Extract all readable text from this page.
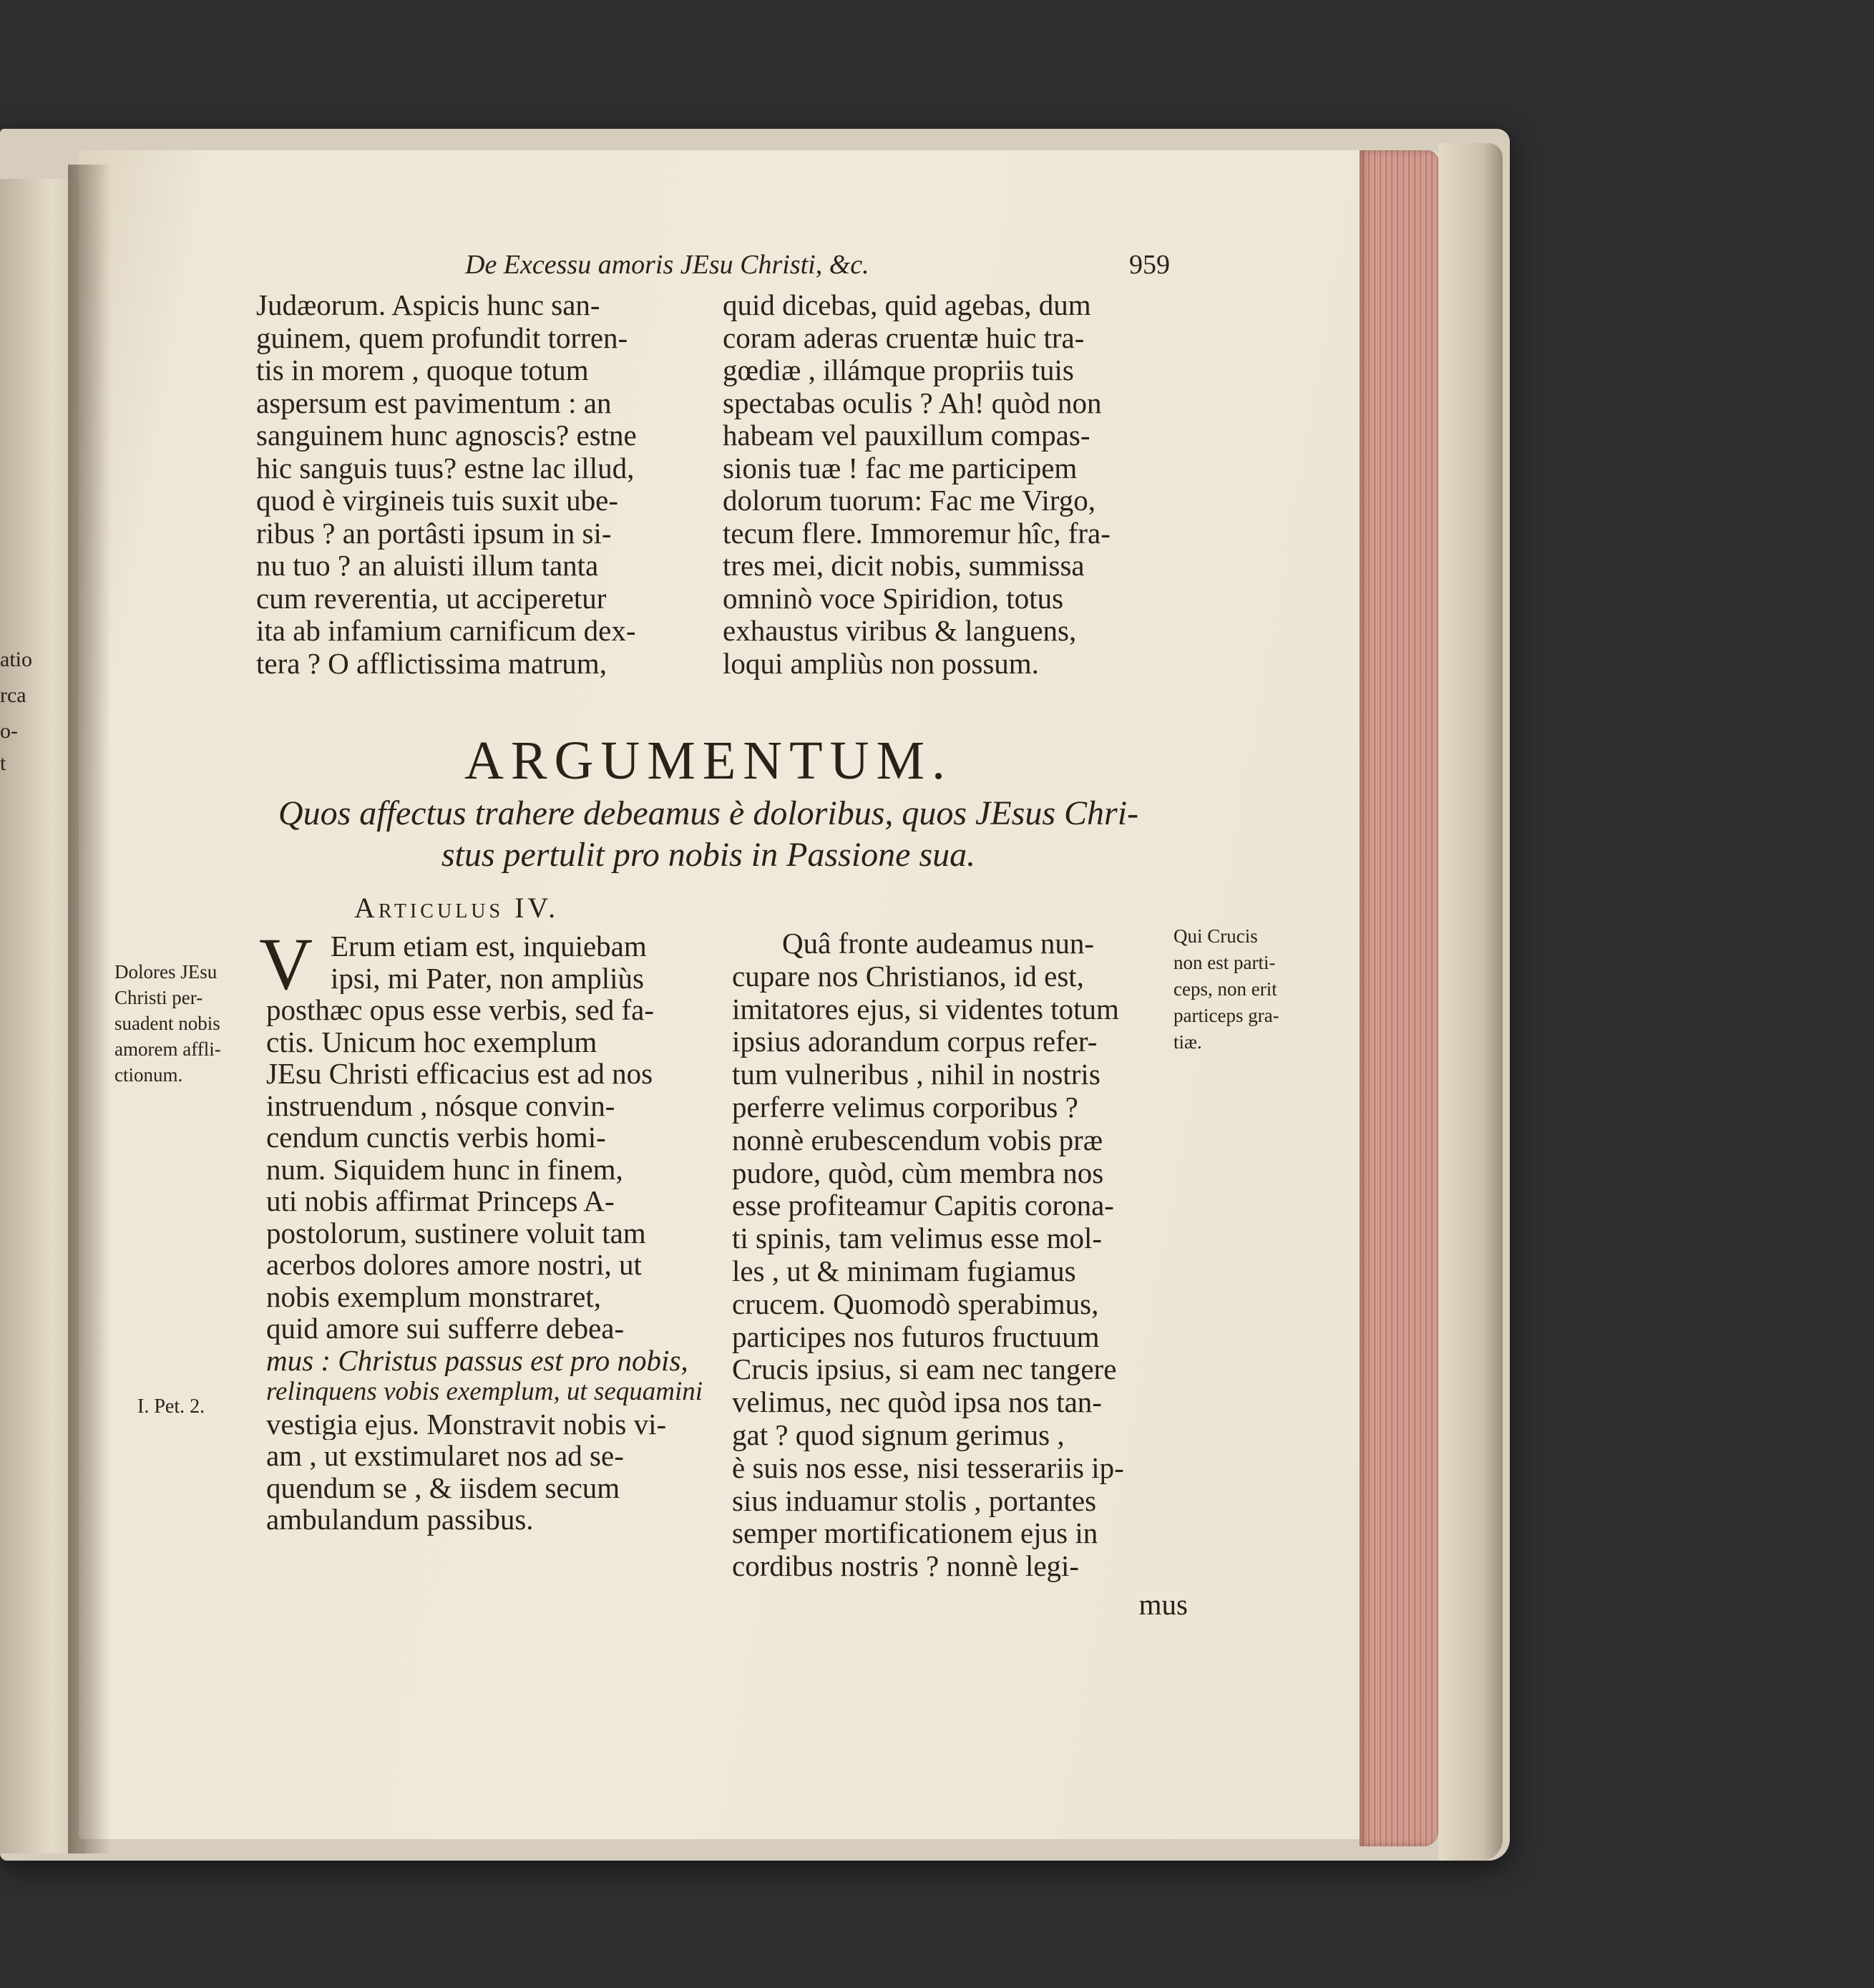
atio
rca
o-
t
De Excessu amoris JEsu Christi, &c.	959
Judæorum. Aspicis hunc san-
guinem, quem profundit torren-
tis in morem , quoque totum
aspersum est pavimentum : an
sanguinem hunc agnoscis? estne
hic sanguis tuus? estne lac illud,
quod è virgineis tuis suxit ube-
ribus ? an portâsti ipsum in si-
nu tuo ? an aluisti illum tanta
cum reverentia, ut acciperetur
ita ab infamium carnificum dex-
tera ? O afflictissima matrum,
quid dicebas, quid agebas, dum
coram aderas cruentæ huic tra-
gœdiæ , illámque propriis tuis
spectabas oculis ? Ah! quòd non
habeam vel pauxillum compas-
sionis tuæ ! fac me participem
dolorum tuorum: Fac me Virgo,
tecum flere. Immoremur hîc, fra-
tres mei, dicit nobis, summissa
omninò voce Spiridion, totus
exhaustus viribus & languens,
loqui ampliùs non possum.
ARGUMENTUM.
Quos affectus trahere debeamus è doloribus, quos JEsus Chri-
stus pertulit pro nobis in Passione sua.
Articulus IV.
V Erum etiam est, inquiebam
ipsi, mi Pater, non ampliùs
posthæc opus esse verbis, sed fa-
ctis. Unicum hoc exemplum
JEsu Christi efficacius est ad nos
instruendum , nósque convin-
cendum cunctis verbis homi-
num. Siquidem hunc in finem,
uti nobis affirmat Princeps A-
postolorum, sustinere voluit tam
acerbos dolores amore nostri, ut
nobis exemplum monstraret,
quid amore sui sufferre debea-
mus : Christus passus est pro nobis,
relinquens vobis exemplum, ut sequamini
vestigia ejus. Monstravit nobis vi-
am , ut exstimularet nos ad se-
quendum se , & iisdem secum
ambulandum passibus.
Quâ fronte audeamus nun-
cupare nos Christianos, id est,
imitatores ejus, si videntes totum
ipsius adorandum corpus refer-
tum vulneribus , nihil in nostris
perferre velimus corporibus ?
nonnè erubescendum vobis præ
pudore, quòd, cùm membra nos
esse profiteamur Capitis corona-
ti spinis, tam velimus esse mol-
les , ut & minimam fugiamus
crucem. Quomodò sperabimus,
participes nos futuros fructuum
Crucis ipsius, si eam nec tangere
velimus, nec quòd ipsa nos tan-
gat ? quod signum gerimus ,
è suis nos esse, nisi tesserariis ip-
sius induamur stolis , portantes
semper mortificationem ejus in
cordibus nostris ? nonnè legi-
mus
Dolores JEsu
Christi per-
suadent nobis
amorem affli-
ctionum.
I. Pet. 2.
Qui Crucis
non est parti-
ceps, non erit
particeps gra-
tiæ.
